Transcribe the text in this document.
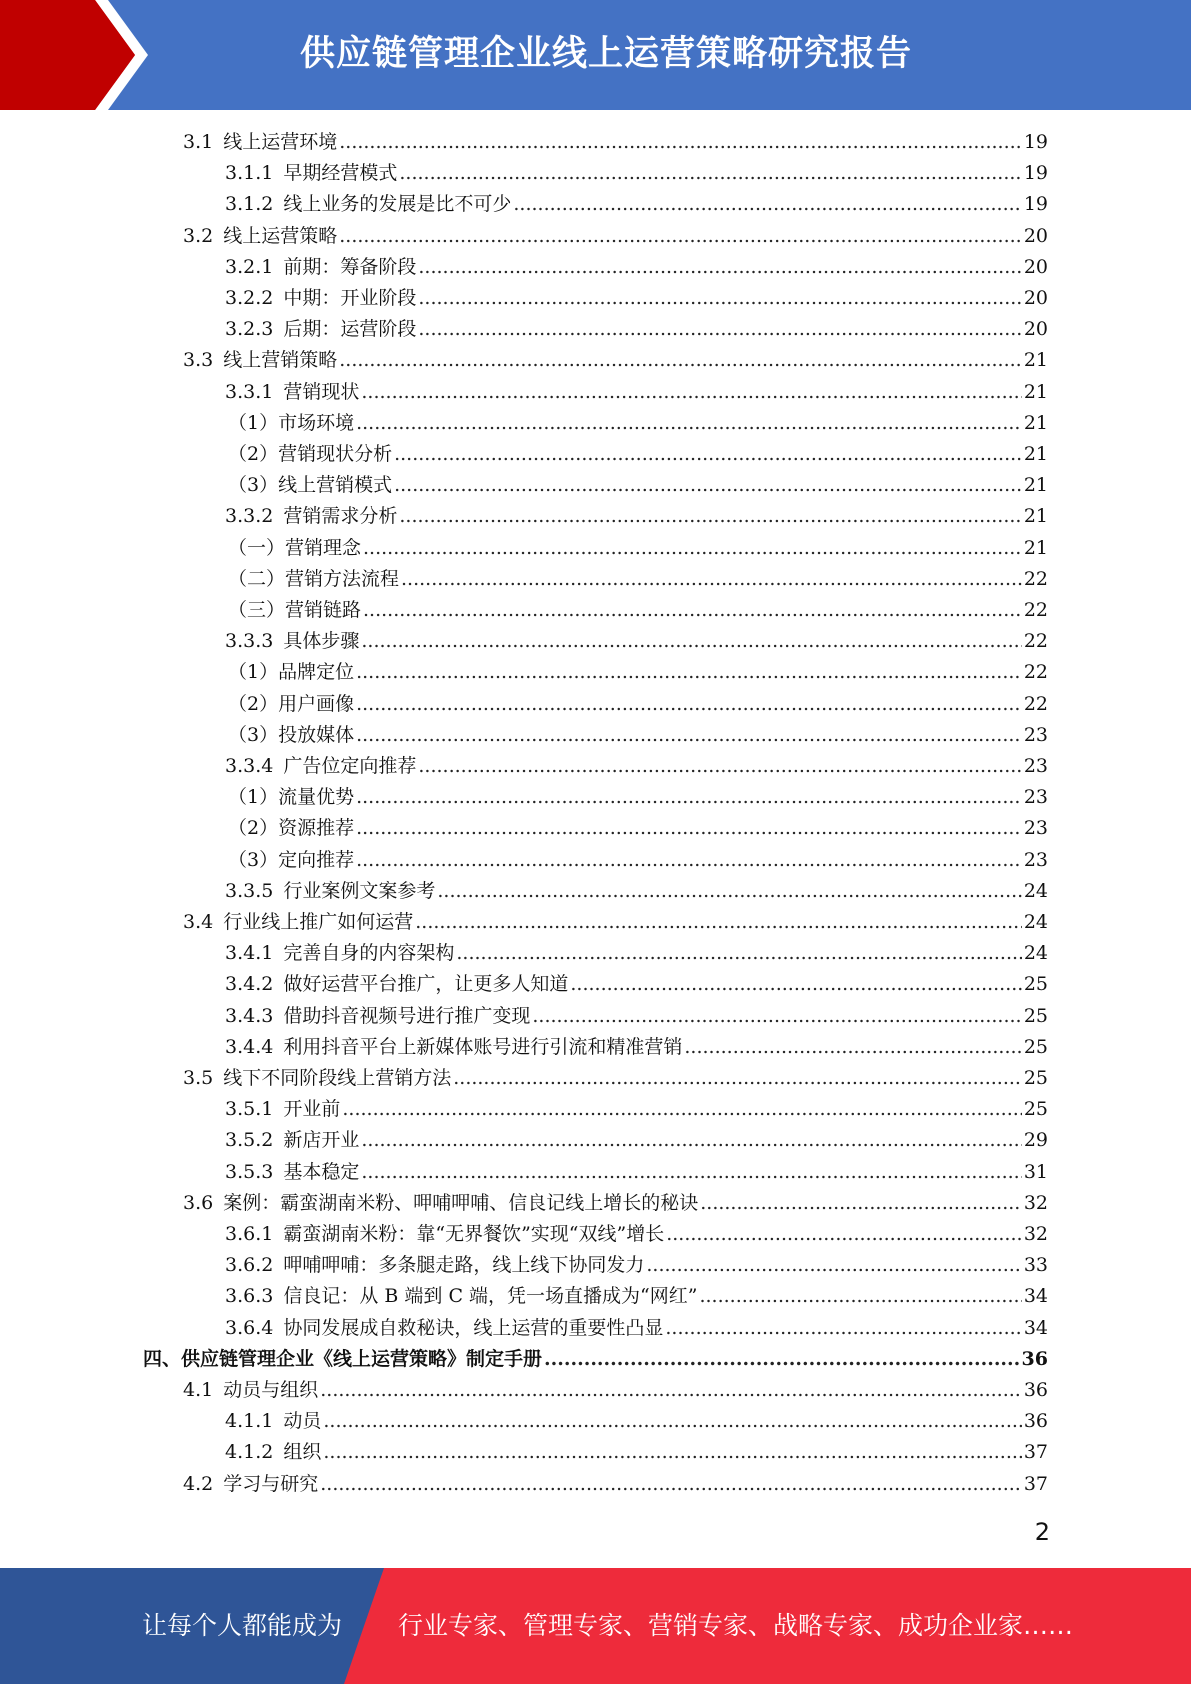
供应链管理企业线上运营策略研究报告
3.1 线上运营环境 .....	19
3.1.1 早期经营模式 .....	19
3.1.2 线上业务的发展是比不可少 .....	19
3.2 线上运营策略 .....	20
3.2.1 前期：筹备阶段 .....	20
3.2.2 中期：开业阶段 .....	20
3.2.3 后期：运营阶段 .....	20
3.3 线上营销策略 .....	21
3.3.1 营销现状 .....	21
（1）市场环境 .....	21
（2）营销现状分析 .....	21
（3）线上营销模式 .....	21
3.3.2 营销需求分析 .....	21
（一）营销理念 .....	21
（二）营销方法流程 .....	22
（三）营销链路 .....	22
3.3.3 具体步骤 .....	22
（1）品牌定位 .....	22
（2）用户画像 .....	22
（3）投放媒体 .....	23
3.3.4 广告位定向推荐 .....	23
（1）流量优势 .....	23
（2）资源推荐 .....	23
（3）定向推荐 .....	23
3.3.5 行业案例文案参考 .....	24
3.4 行业线上推广如何运营 .....	24
3.4.1 完善自身的内容架构 .....	24
3.4.2 做好运营平台推广，让更多人知道 .....	25
3.4.3 借助抖音视频号进行推广变现 .....	25
3.4.4 利用抖音平台上新媒体账号进行引流和精准营销 .....	25
3.5 线下不同阶段线上营销方法 .....	25
3.5.1 开业前 .....	25
3.5.2 新店开业 .....	29
3.5.3 基本稳定 .....	31
3.6 案例：霸蛮湖南米粉、呷哺呷哺、信良记线上增长的秘诀 .....	32
3.6.1 霸蛮湖南米粉：靠“无界餐饮”实现“双线”增长 .....	32
3.6.2 呷哺呷哺：多条腿走路，线上线下协同发力 .....	33
3.6.3 信良记：从 B 端到 C 端，凭一场直播成为“网红” .....	34
3.6.4 协同发展成自救秘诀，线上运营的重要性凸显 .....	34
四、供应链管理企业《线上运营策略》制定手册 .....	36
4.1 动员与组织 .....	36
4.1.1 动员 .....	36
4.1.2 组织 .....	37
4.2 学习与研究 .....	37
2
让每个人都能成为 行业专家、管理专家、营销专家、战略专家、成功企业家……
